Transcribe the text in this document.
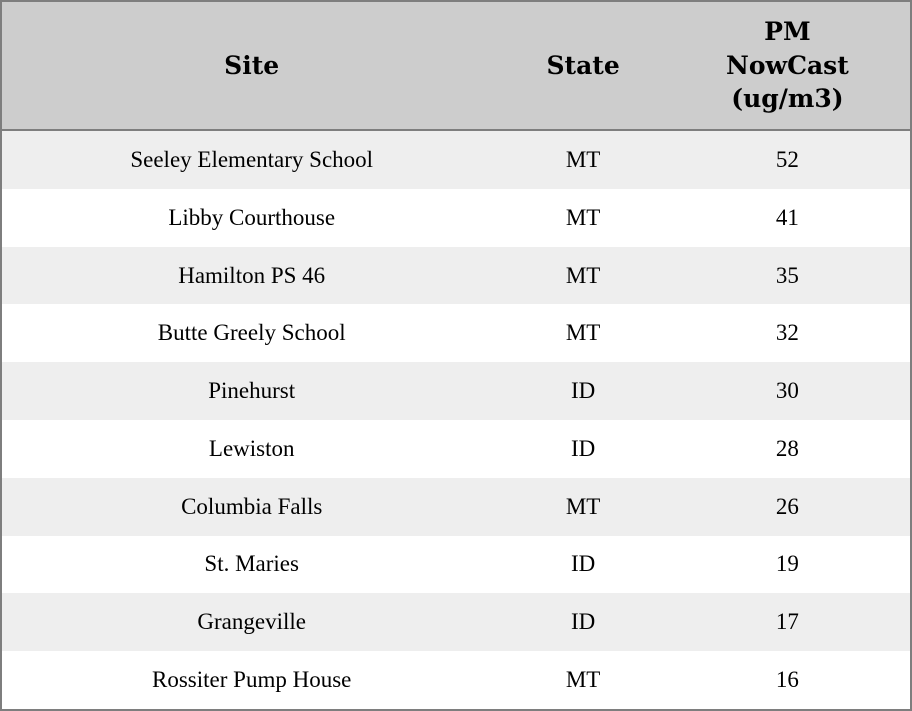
Site	State	PM NowCast (ug/m3)

Seeley Elementary School	MT	52
Libby Courthouse	MT	41
Hamilton PS 46	MT	35
Butte Greely School	MT	32
Pinehurst	ID	30
Lewiston	ID	28
Columbia Falls	MT	26
St. Maries	ID	19
Grangeville	ID	17
Rossiter Pump House	MT	16
